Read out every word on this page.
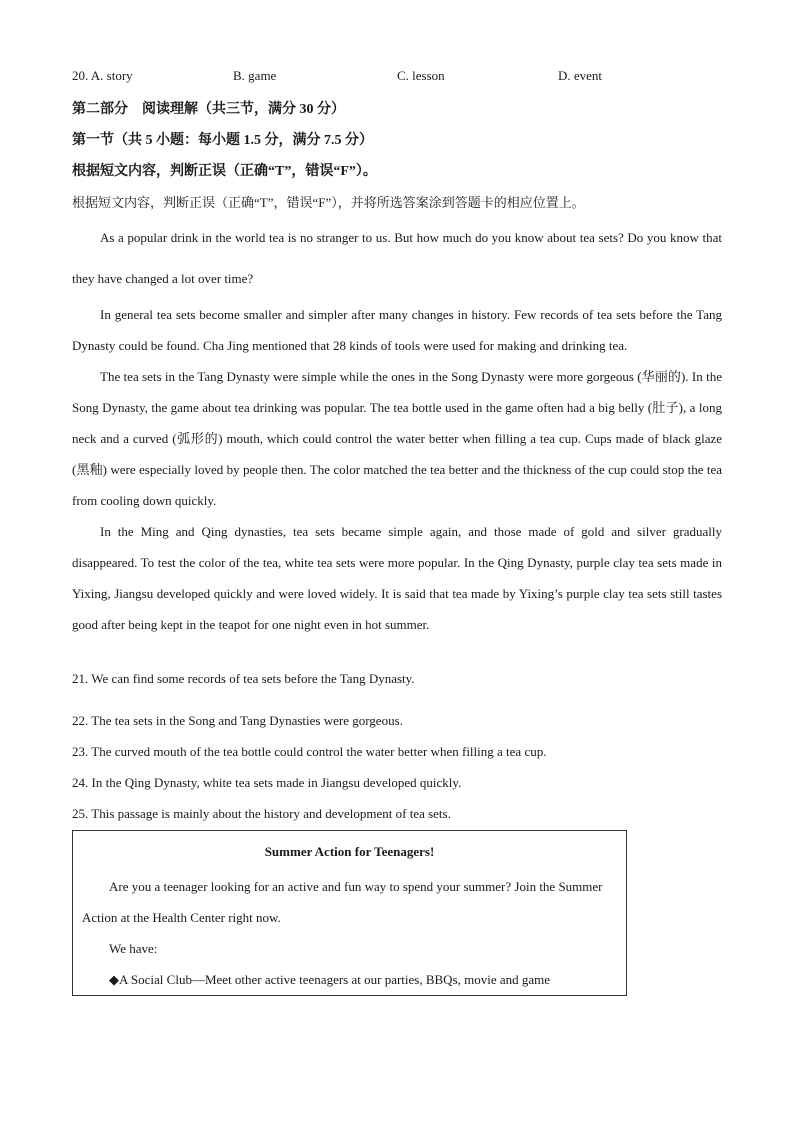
20. A. story	B. game	C. lesson	D. event
第二部分　阅读理解（共三节，满分 30 分）
第一节（共 5 小题：每小题 1.5 分，满分 7.5 分）
根据短文内容，判断正误（正确“T”，错误“F”）。
根据短文内容，判断正误（正确“T”，错误“F”），并将所选答案涂到答题卡的相应位置上。

As a popular drink in the world tea is no stranger to us. But how much do you know about tea sets? Do you know that they have changed a lot over time?

In general tea sets become smaller and simpler after many changes in history. Few records of tea sets before the Tang Dynasty could be found. Cha Jing mentioned that 28 kinds of tools were used for making and drinking tea.

The tea sets in the Tang Dynasty were simple while the ones in the Song Dynasty were more gorgeous (华丽的). In the Song Dynasty, the game about tea drinking was popular. The tea bottle used in the game often had a big belly (肚子), a long neck and a curved (弧形的) mouth, which could control the water better when filling a tea cup. Cups made of black glaze (黑釉) were especially loved by people then. The color matched the tea better and the thickness of the cup could stop the tea from cooling down quickly.

In the Ming and Qing dynasties, tea sets became simple again, and those made of gold and silver gradually disappeared. To test the color of the tea, white tea sets were more popular. In the Qing Dynasty, purple clay tea sets made in Yixing, Jiangsu developed quickly and were loved widely. It is said that tea made by Yixing’s purple clay tea sets still tastes good after being kept in the teapot for one night even in hot summer.

21. We can find some records of tea sets before the Tang Dynasty.
22. The tea sets in the Song and Tang Dynasties were gorgeous.
23. The curved mouth of the tea bottle could control the water better when filling a tea cup.
24. In the Qing Dynasty, white tea sets made in Jiangsu developed quickly.
25. This passage is mainly about the history and development of tea sets.
Summer Action for Teenagers!

Are you a teenager looking for an active and fun way to spend your summer? Join the Summer Action at the Health Center right now.

We have:

◆A Social Club—Meet other active teenagers at our parties, BBQs, movie and game
